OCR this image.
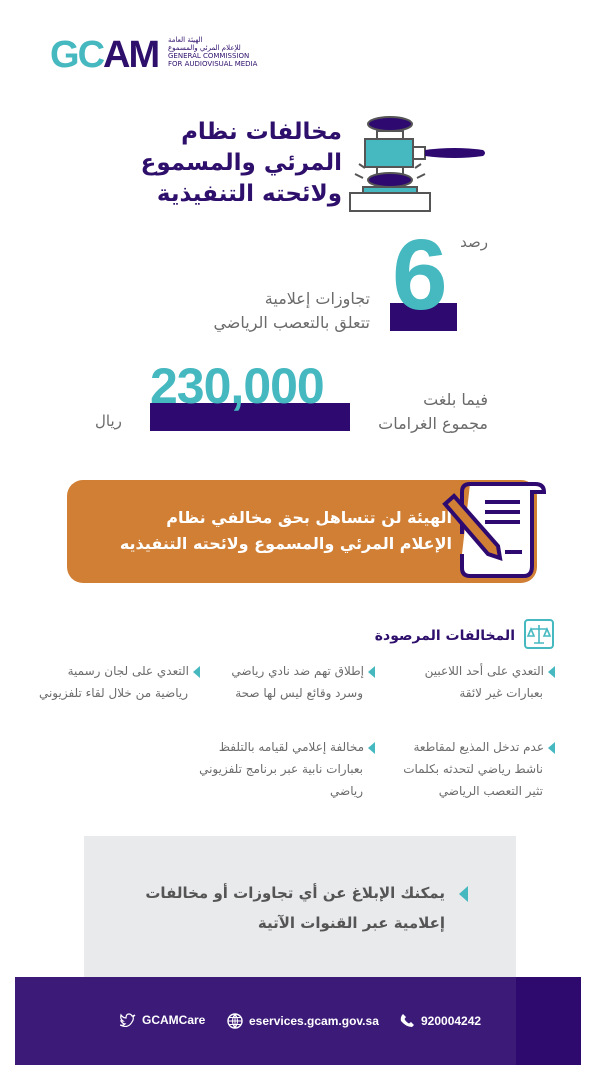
GCAM الهيئة العامة
للإعلام المرئي والمسموع
GENERAL COMMISSION
FOR AUDIOVISUAL MEDIA
مخالفات نظام
المرئي والمسموع
ولائحته التنفيذية
رصد
6
تجاوزات إعلامية
تتعلق بالتعصب الرياضي
230,000	فيما بلغت
مجموع الغرامات
ريال
الهيئة لن تتساهل بحق مخالفي نظام
الإعلام المرئي والمسموع ولائحته التنفيذيه
المخالفات المرصودة
التعدي على أحد اللاعبين
بعبارات غير لائقة
إطلاق تهم ضد نادي رياضي
وسرد وقائع ليس لها صحة
التعدي على لجان رسمية
رياضية من خلال لقاء تلفزيوني
عدم تدخل المذيع لمقاطعة
ناشط رياضي لتحدثه بكلمات
تثير التعصب الرياضي
مخالفة إعلامي لقيامه بالتلفظ
بعبارات نابية عبر برنامج تلفزيوني
رياضي
يمكنك الإبلاغ عن أي تجاوزات أو مخالفات
إعلامية عبر القنوات الآتية
GCAMCare	eservices.gcam.gov.sa	920004242
